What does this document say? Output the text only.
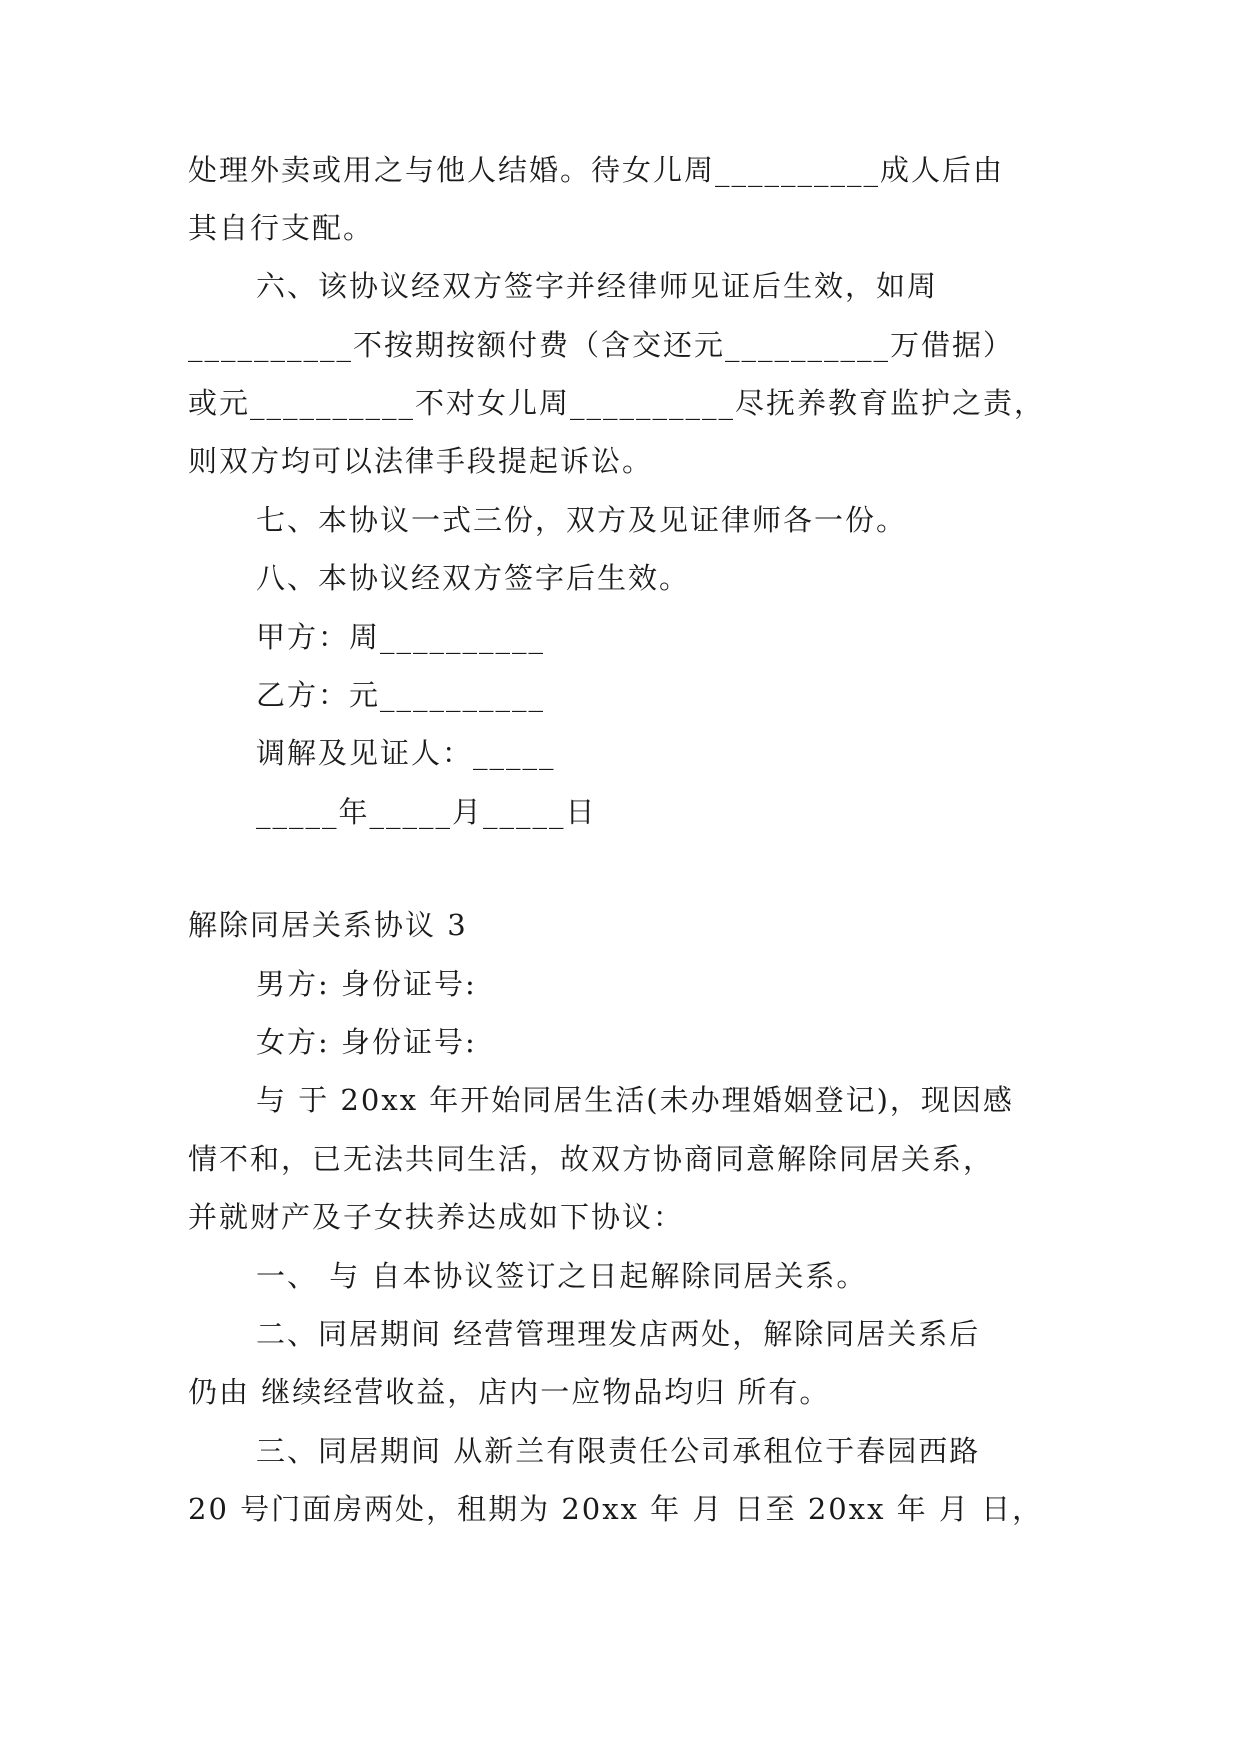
处理外卖或用之与他人结婚。待女儿周__________成人后由
其自行支配。
六、该协议经双方签字并经律师见证后生效，如周
__________不按期按额付费（含交还元__________万借据）
或元__________不对女儿周__________尽抚养教育监护之责，
则双方均可以法律手段提起诉讼。
七、本协议一式三份，双方及见证律师各一份。
八、本协议经双方签字后生效。
甲方：周__________
乙方：元__________
调解及见证人：_____
_____年_____月_____日
解除同居关系协议 3
男方: 身份证号:
女方: 身份证号:
与 于 20xx 年开始同居生活(未办理婚姻登记)，现因感
情不和，已无法共同生活，故双方协商同意解除同居关系，
并就财产及子女扶养达成如下协议：
一、 与 自本协议签订之日起解除同居关系。
二、同居期间 经营管理理发店两处，解除同居关系后
仍由 继续经营收益，店内一应物品均归 所有。
三、同居期间 从新兰有限责任公司承租位于春园西路
20 号门面房两处，租期为 20xx 年 月 日至 20xx 年 月 日，
